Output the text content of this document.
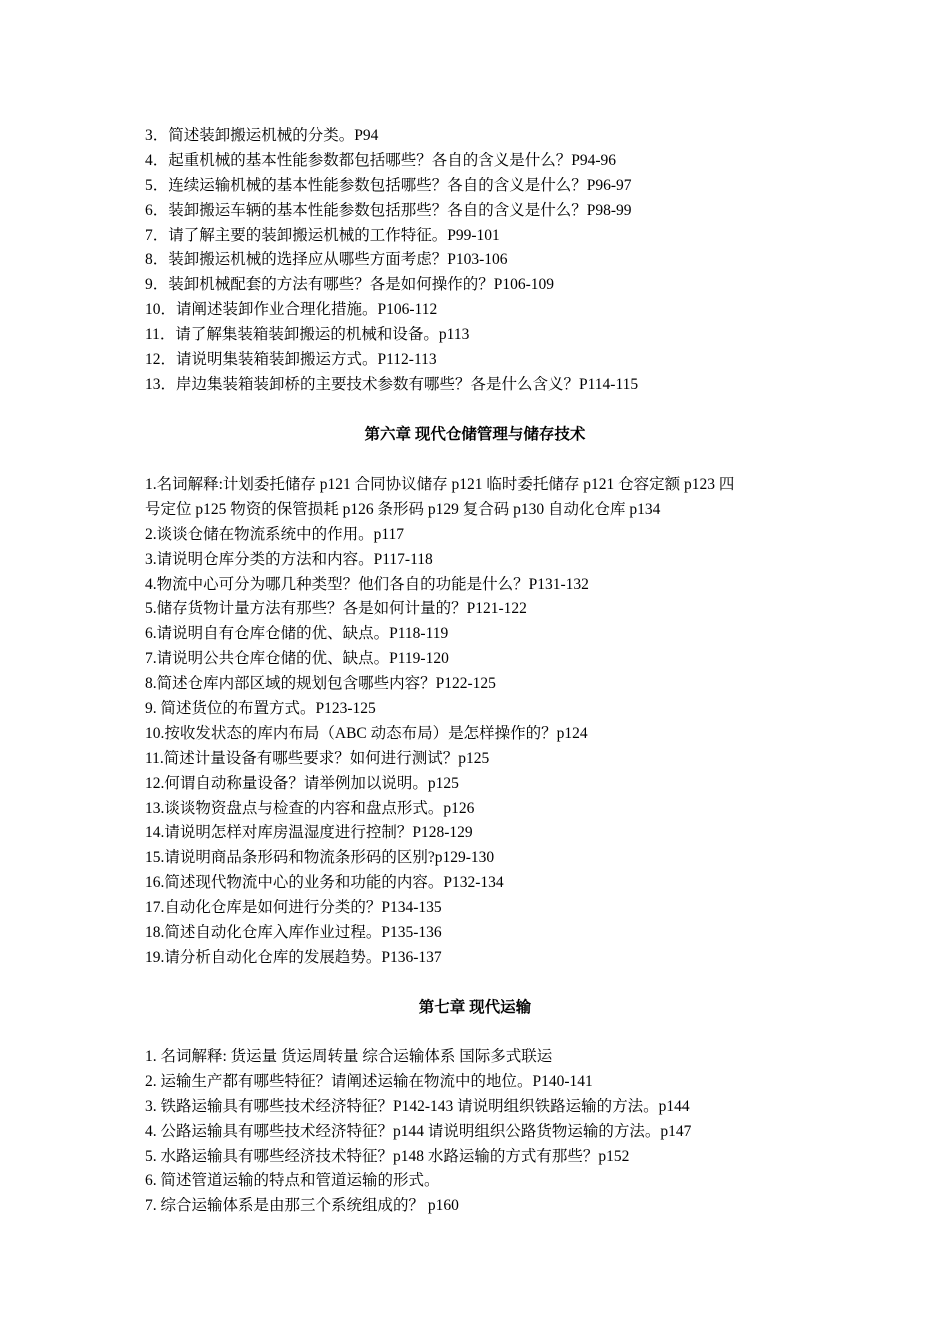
3．简述装卸搬运机械的分类。P94
4．起重机械的基本性能参数都包括哪些？各自的含义是什么？P94-96
5．连续运输机械的基本性能参数包括哪些？各自的含义是什么？P96-97
6．装卸搬运车辆的基本性能参数包括那些？各自的含义是什么？P98-99
7．请了解主要的装卸搬运机械的工作特征。P99-101
8．装卸搬运机械的选择应从哪些方面考虑？P103-106
9．装卸机械配套的方法有哪些？各是如何操作的？P106-109
10．请阐述装卸作业合理化措施。P106-112
11．请了解集装箱装卸搬运的机械和设备。p113
12．请说明集装箱装卸搬运方式。P112-113
13．岸边集装箱装卸桥的主要技术参数有哪些？各是什么含义？P114-115
第六章 现代仓储管理与储存技术
1.名词解释:计划委托储存 p121 合同协议储存 p121 临时委托储存 p121 仓容定额 p123 四
号定位 p125 物资的保管损耗 p126 条形码 p129 复合码 p130 自动化仓库 p134
2.谈谈仓储在物流系统中的作用。p117
3.请说明仓库分类的方法和内容。P117-118
4.物流中心可分为哪几种类型？他们各自的功能是什么？P131-132
5.储存货物计量方法有那些？各是如何计量的？P121-122
6.请说明自有仓库仓储的优、缺点。P118-119
7.请说明公共仓库仓储的优、缺点。P119-120
8.简述仓库内部区域的规划包含哪些内容？P122-125
9. 简述货位的布置方式。P123-125
10.按收发状态的库内布局（ABC 动态布局）是怎样操作的？p124
11.简述计量设备有哪些要求？如何进行测试？p125
12.何谓自动称量设备？请举例加以说明。p125
13.谈谈物资盘点与检查的内容和盘点形式。p126
14.请说明怎样对库房温湿度进行控制？P128-129
15.请说明商品条形码和物流条形码的区别?p129-130
16.简述现代物流中心的业务和功能的内容。P132-134
17.自动化仓库是如何进行分类的？P134-135
18.简述自动化仓库入库作业过程。P135-136
19.请分析自动化仓库的发展趋势。P136-137
第七章 现代运输
1. 名词解释: 货运量 货运周转量 综合运输体系 国际多式联运
2. 运输生产都有哪些特征？请阐述运输在物流中的地位。P140-141
3. 铁路运输具有哪些技术经济特征？P142-143 请说明组织铁路运输的方法。p144
4. 公路运输具有哪些技术经济特征？p144 请说明组织公路货物运输的方法。p147
5. 水路运输具有哪些经济技术特征？p148 水路运输的方式有那些？p152
6. 简述管道运输的特点和管道运输的形式。
7. 综合运输体系是由那三个系统组成的？ p160
